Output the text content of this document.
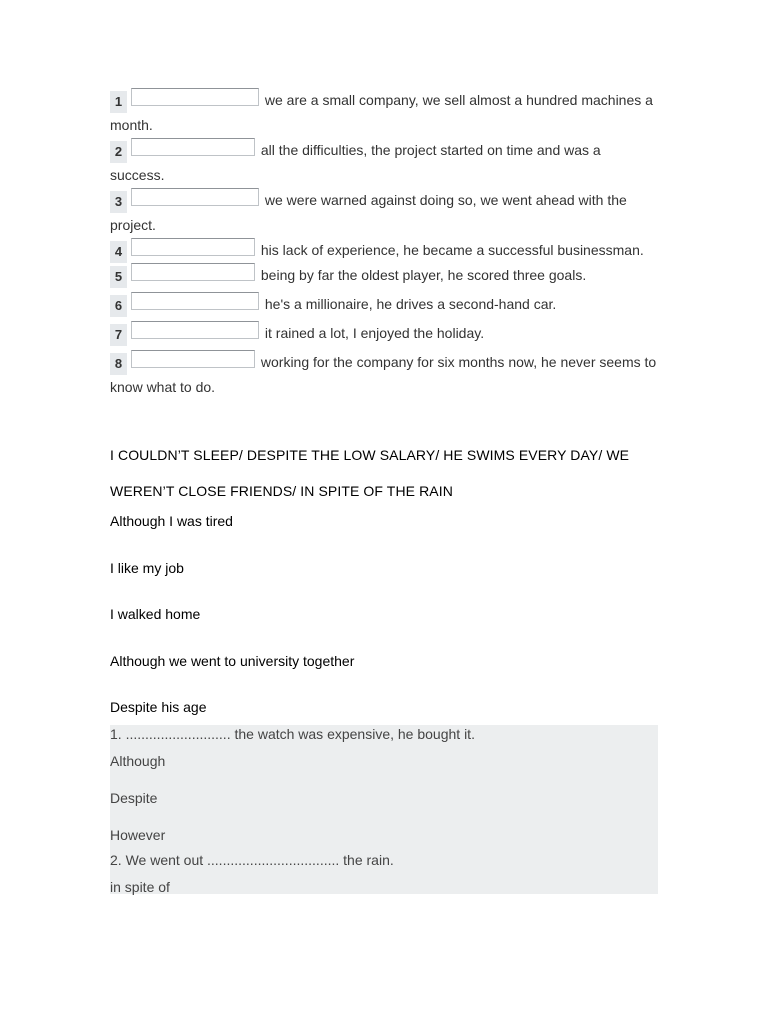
1	we are a small company, we sell almost a hundred machines a month.

2	all the difficulties, the project started on time and was a success.

3	we were warned against doing so, we went ahead with the project.

4	his lack of experience, he became a successful businessman.

5	being by far the oldest player, he scored three goals.

6	he's a millionaire, he drives a second-hand car.

7	it rained a lot, I enjoyed the holiday.

8	working for the company for six months now, he never seems to know what to do.

I COULDN’T SLEEP/ DESPITE THE LOW SALARY/ HE SWIMS EVERY DAY/ WE
WEREN’T CLOSE FRIENDS/ IN SPITE OF THE RAIN
Although I was tired
I like my job
I walked home
Although we went to university together
Despite his age
1. ........................... the watch was expensive, he bought it.
Although
Despite
However
2. We went out .................................. the rain.
in spite of
